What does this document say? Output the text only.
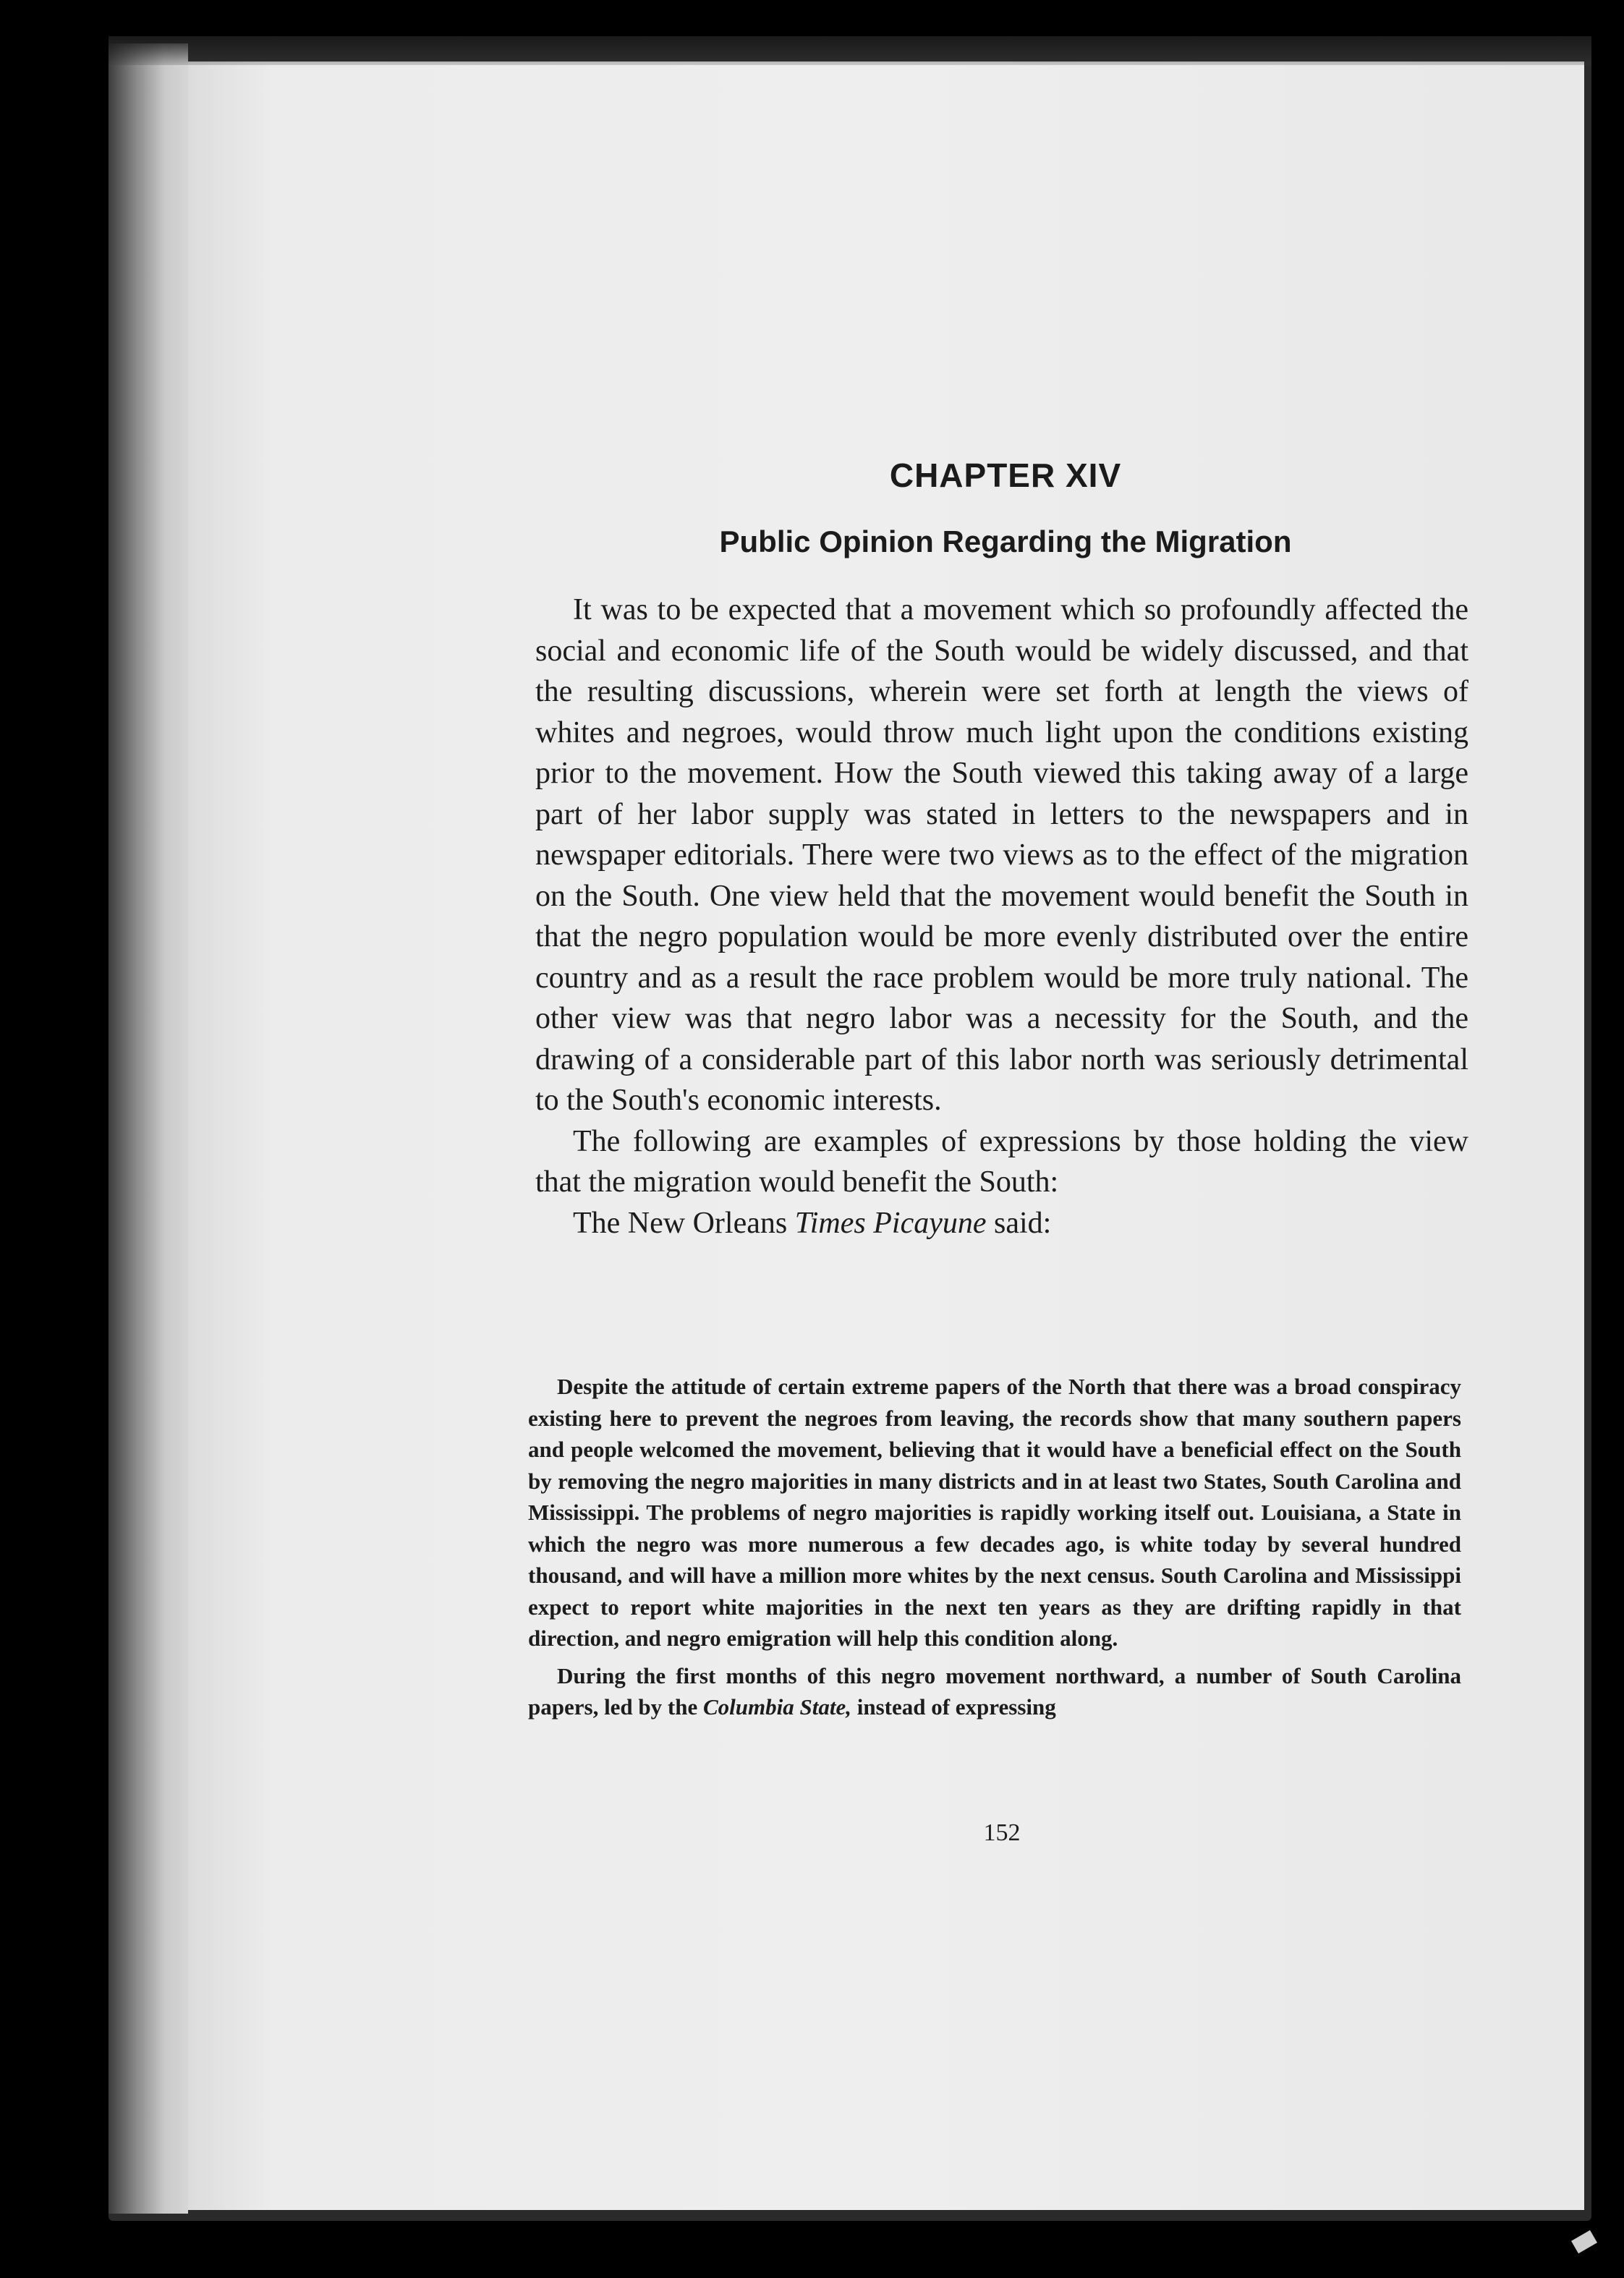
CHAPTER XIV
Public Opinion Regarding the Migration

It was to be expected that a movement which so profoundly affected the social and economic life of the South would be widely discussed, and that the resulting discussions, wherein were set forth at length the views of whites and negroes, would throw much light upon the conditions existing prior to the movement. How the South viewed this taking away of a large part of her labor supply was stated in letters to the newspapers and in newspaper editorials. There were two views as to the effect of the migration on the South. One view held that the movement would benefit the South in that the negro population would be more evenly distributed over the entire country and as a result the race problem would be more truly national. The other view was that negro labor was a necessity for the South, and the drawing of a considerable part of this labor north was seriously detrimental to the South's economic interests.

The following are examples of expressions by those holding the view that the migration would benefit the South:

The New Orleans Times Picayune said:

Despite the attitude of certain extreme papers of the North that there was a broad conspiracy existing here to prevent the negroes from leaving, the records show that many southern papers and people welcomed the movement, believing that it would have a beneficial effect on the South by removing the negro majorities in many districts and in at least two States, South Carolina and Mississippi. The problems of negro majorities is rapidly working itself out. Louisiana, a State in which the negro was more numerous a few decades ago, is white today by several hundred thousand, and will have a million more whites by the next census. South Carolina and Mississippi expect to report white majorities in the next ten years as they are drifting rapidly in that direction, and negro emigration will help this condition along.

During the first months of this negro movement northward, a number of South Carolina papers, led by the Columbia State, instead of expressing

152
